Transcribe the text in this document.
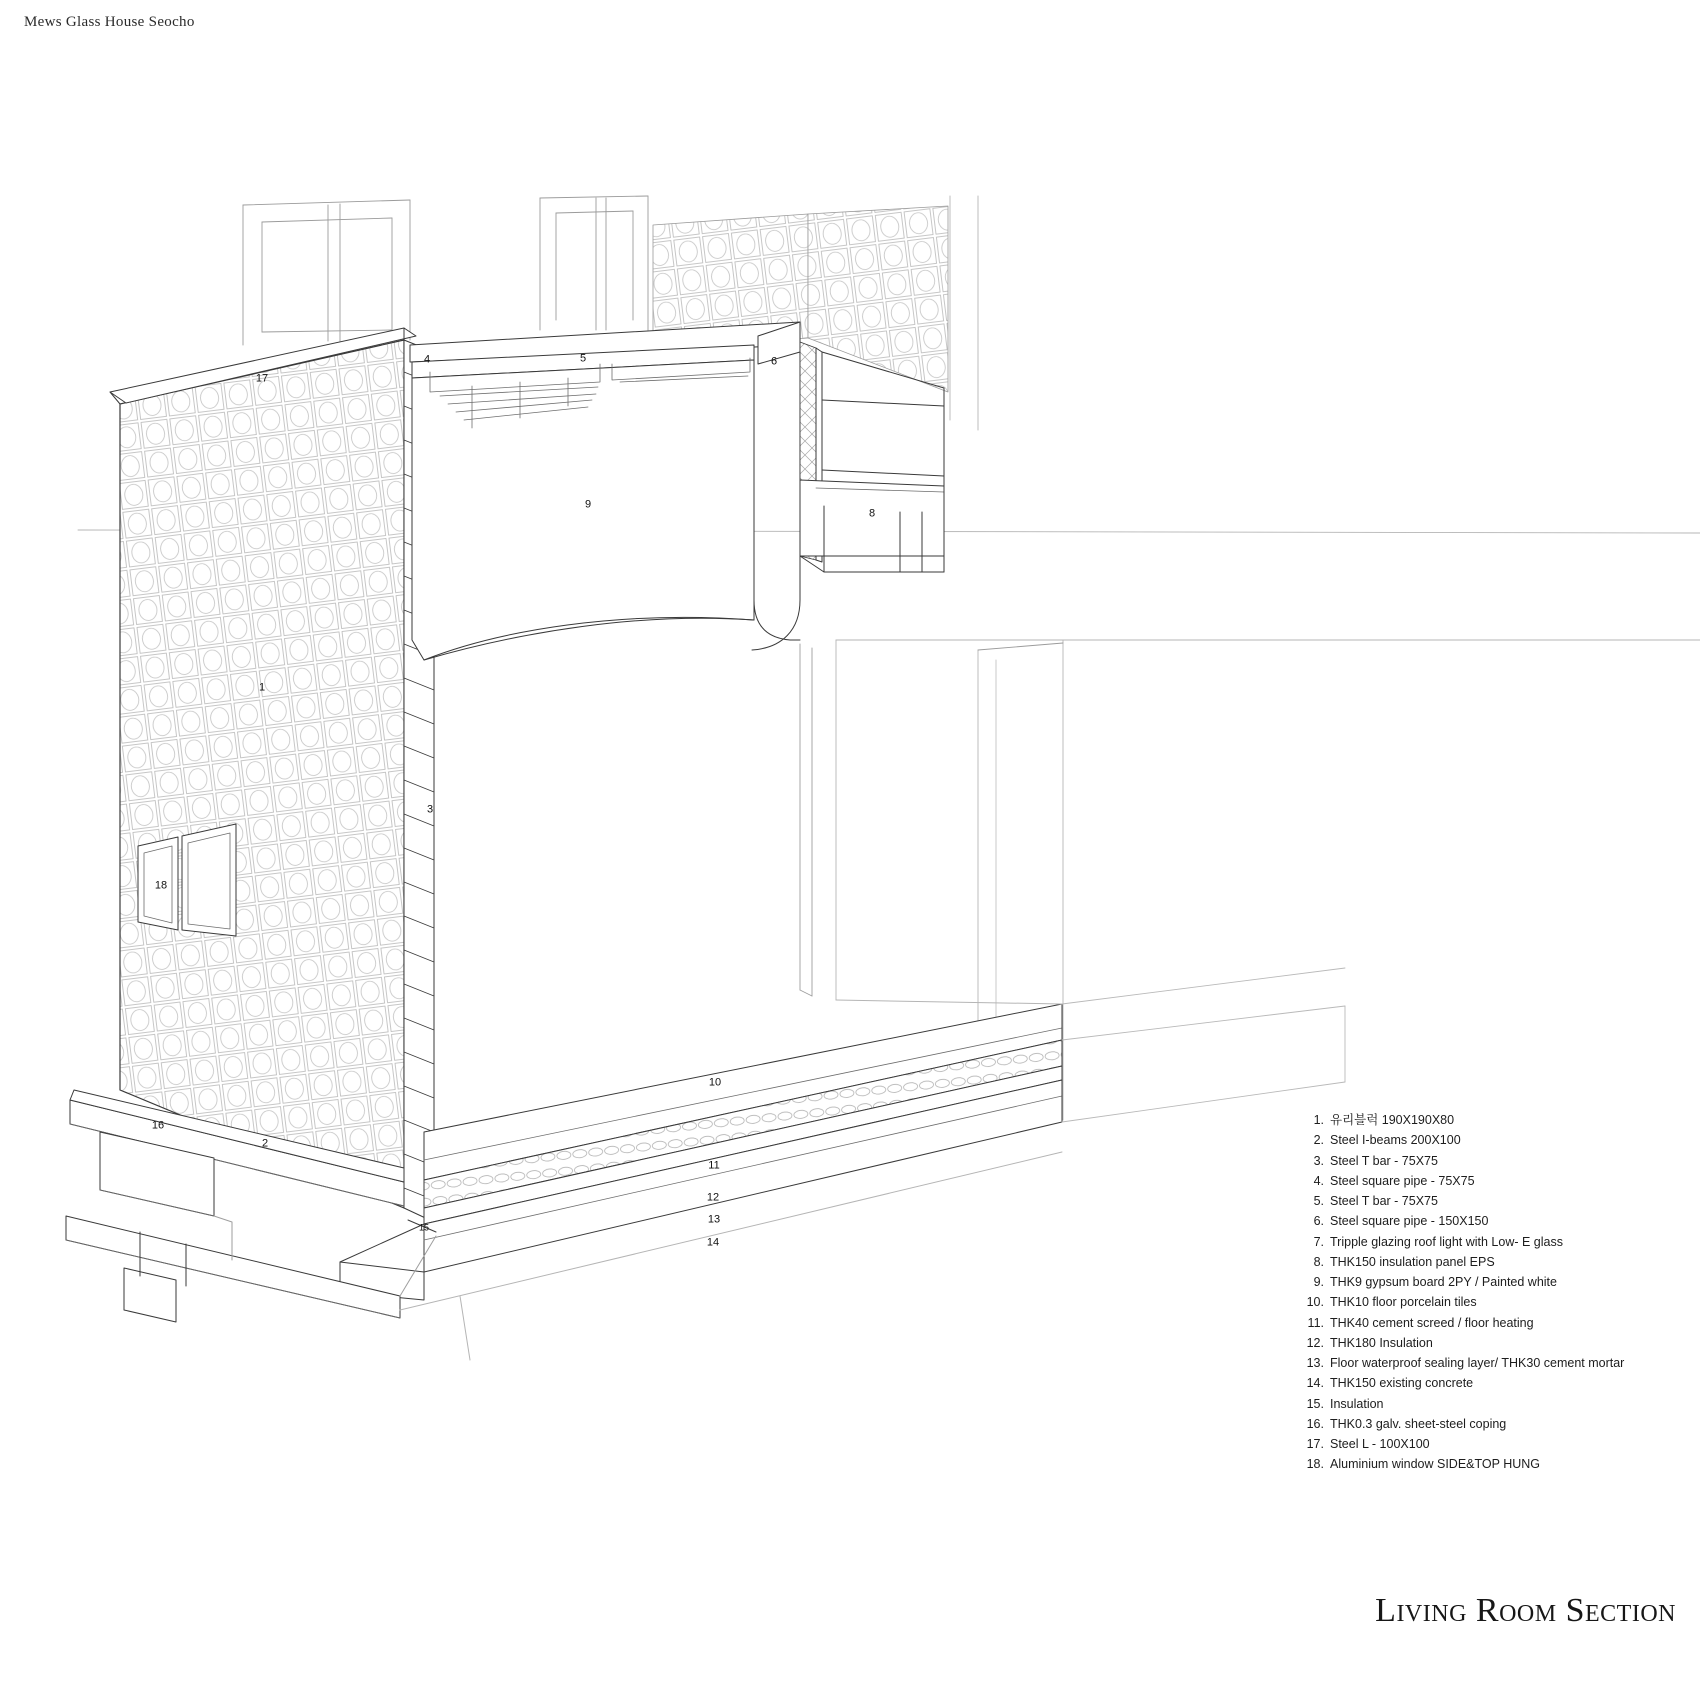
Mews Glass House Seocho
17
4	5	6
9
8
1
3
18
10
16
2
11
12
13
15
14
1. 유리블럭 190X190X80
2. Steel I-beams 200X100
3. Steel T bar - 75X75
4. Steel square pipe - 75X75
5. Steel T bar - 75X75
6. Steel square pipe - 150X150
7. Tripple glazing roof light with Low- E glass
8. THK150 insulation panel EPS
9. THK9 gypsum board 2PY / Painted white
10. THK10 floor porcelain tiles
11. THK40 cement screed / floor heating
12. THK180 Insulation
13. Floor waterproof sealing layer/ THK30 cement mortar
14. THK150 existing concrete
15. Insulation
16. THK0.3 galv. sheet-steel coping
17. Steel L - 100X100
18. Aluminium window SIDE&TOP HUNG
Living Room Section
